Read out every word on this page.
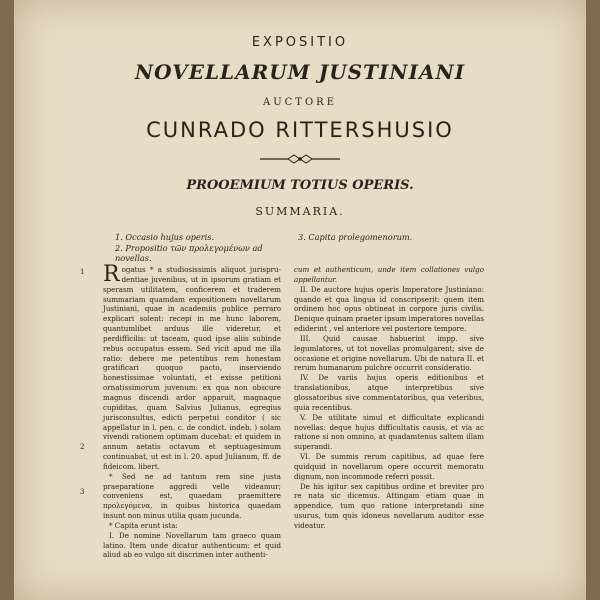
EXPOSITIO
NOVELLARUM JUSTINIANI
AUCTORE
CUNRADO RITTERSHUSIO
PROOEMIUM TOTIUS OPERIS.
SUMMARIA.
1. Occasio hujus operis.
2. Propositio τῶν προλεγομένων ad novellas.
3. Capita prolegomenorum.
1
2
3

Rogatus * a studiosissimis aliquot jurispru- dentiae juvenibus, ut in ipsorum gratiam et sperasm utilitatem, conficerem et traderem summariam quamdam expositionem novellarum Justiniani, quae in academiis publice perraro explicari solent: recepi in me hunc laborem, quantumlibet arduus ille videretur, et perdifficilis: ut taceam, quod ipse aliis subinde rebus occupatus essem. Sed vicit apud me illa ratio: debere me petentibus rem honestam gratificari quoquo pacto, inserviendo honestissimae voluntati, et exisse petitioni ornatissimorum juvenum: ex qua non obscure magnus discendi ardor apparuit, magnaque cupiditas, quam Salvius Julianus, egregius jurisconsultus, edicti perpetui conditor ( sic appellatur in l. pen. c. de condict. indeb. ) solam vivendi rationem optimam ducebat: et quidem in annum aetatis octavum et septuagesimum continuabat, ut est in l. 20. apud Julianum, ff. de fideicom. libert.

* Sed ne ad tantum rem sine justa praeparatione aggredi velle videamur; conveniens est, quaedam praemittere προλεγόμενα, in quibus historica quaedam insunt non minus utilia quam jucunda.

* Capita erunt ista:

I. De nomine Novellarum tam graeco quam latino. Item unde dicatur authenticum: et quid aliud ab eo vulgo sit discrimen inter authenti-

cum et authenticum, unde item collationes vulgo appellantur.

II. De auctore hujus operis Imperatore Justiniano: quando et qua lingua id conscripserit: quem item ordinem hoc opus obtineat in corpore juris civilis. Denique quinam praeter ipsum imperatores novellas ediderint , vel anteriore vel posteriore tempore.

III. Quid causae habuerint impp. sive legumlatores, ut tot novellas promulgarent; sive de occasione et origine novellarum. Ubi de natura II. et rerum humanarum pulchre occurrit consideratio.

IV. De variis hujus operis editionibus et translationibus, atque interpretibus sive glossatoribus sive commentatoribus, qua veteribus, quia recentibus.

V. De utilitate simul et difficultate explicandi novellas: deque hujus difficultatis causis, et via ac ratione si non omnino, at quadamtenus saltem illam superandi.

VI. De summis rerum capitibus, ad quae fere quidquid in novellarum opere occurrit memoratu dignum, non incommode referri possit.

De his igitur sex capitibus ordine et breviter pro re nata sic dicemus. Attingam etiam quae in appendice, tum quo ratione interpretandi sine usurus, tum quis idoneus novellarum auditor esse videatur.
